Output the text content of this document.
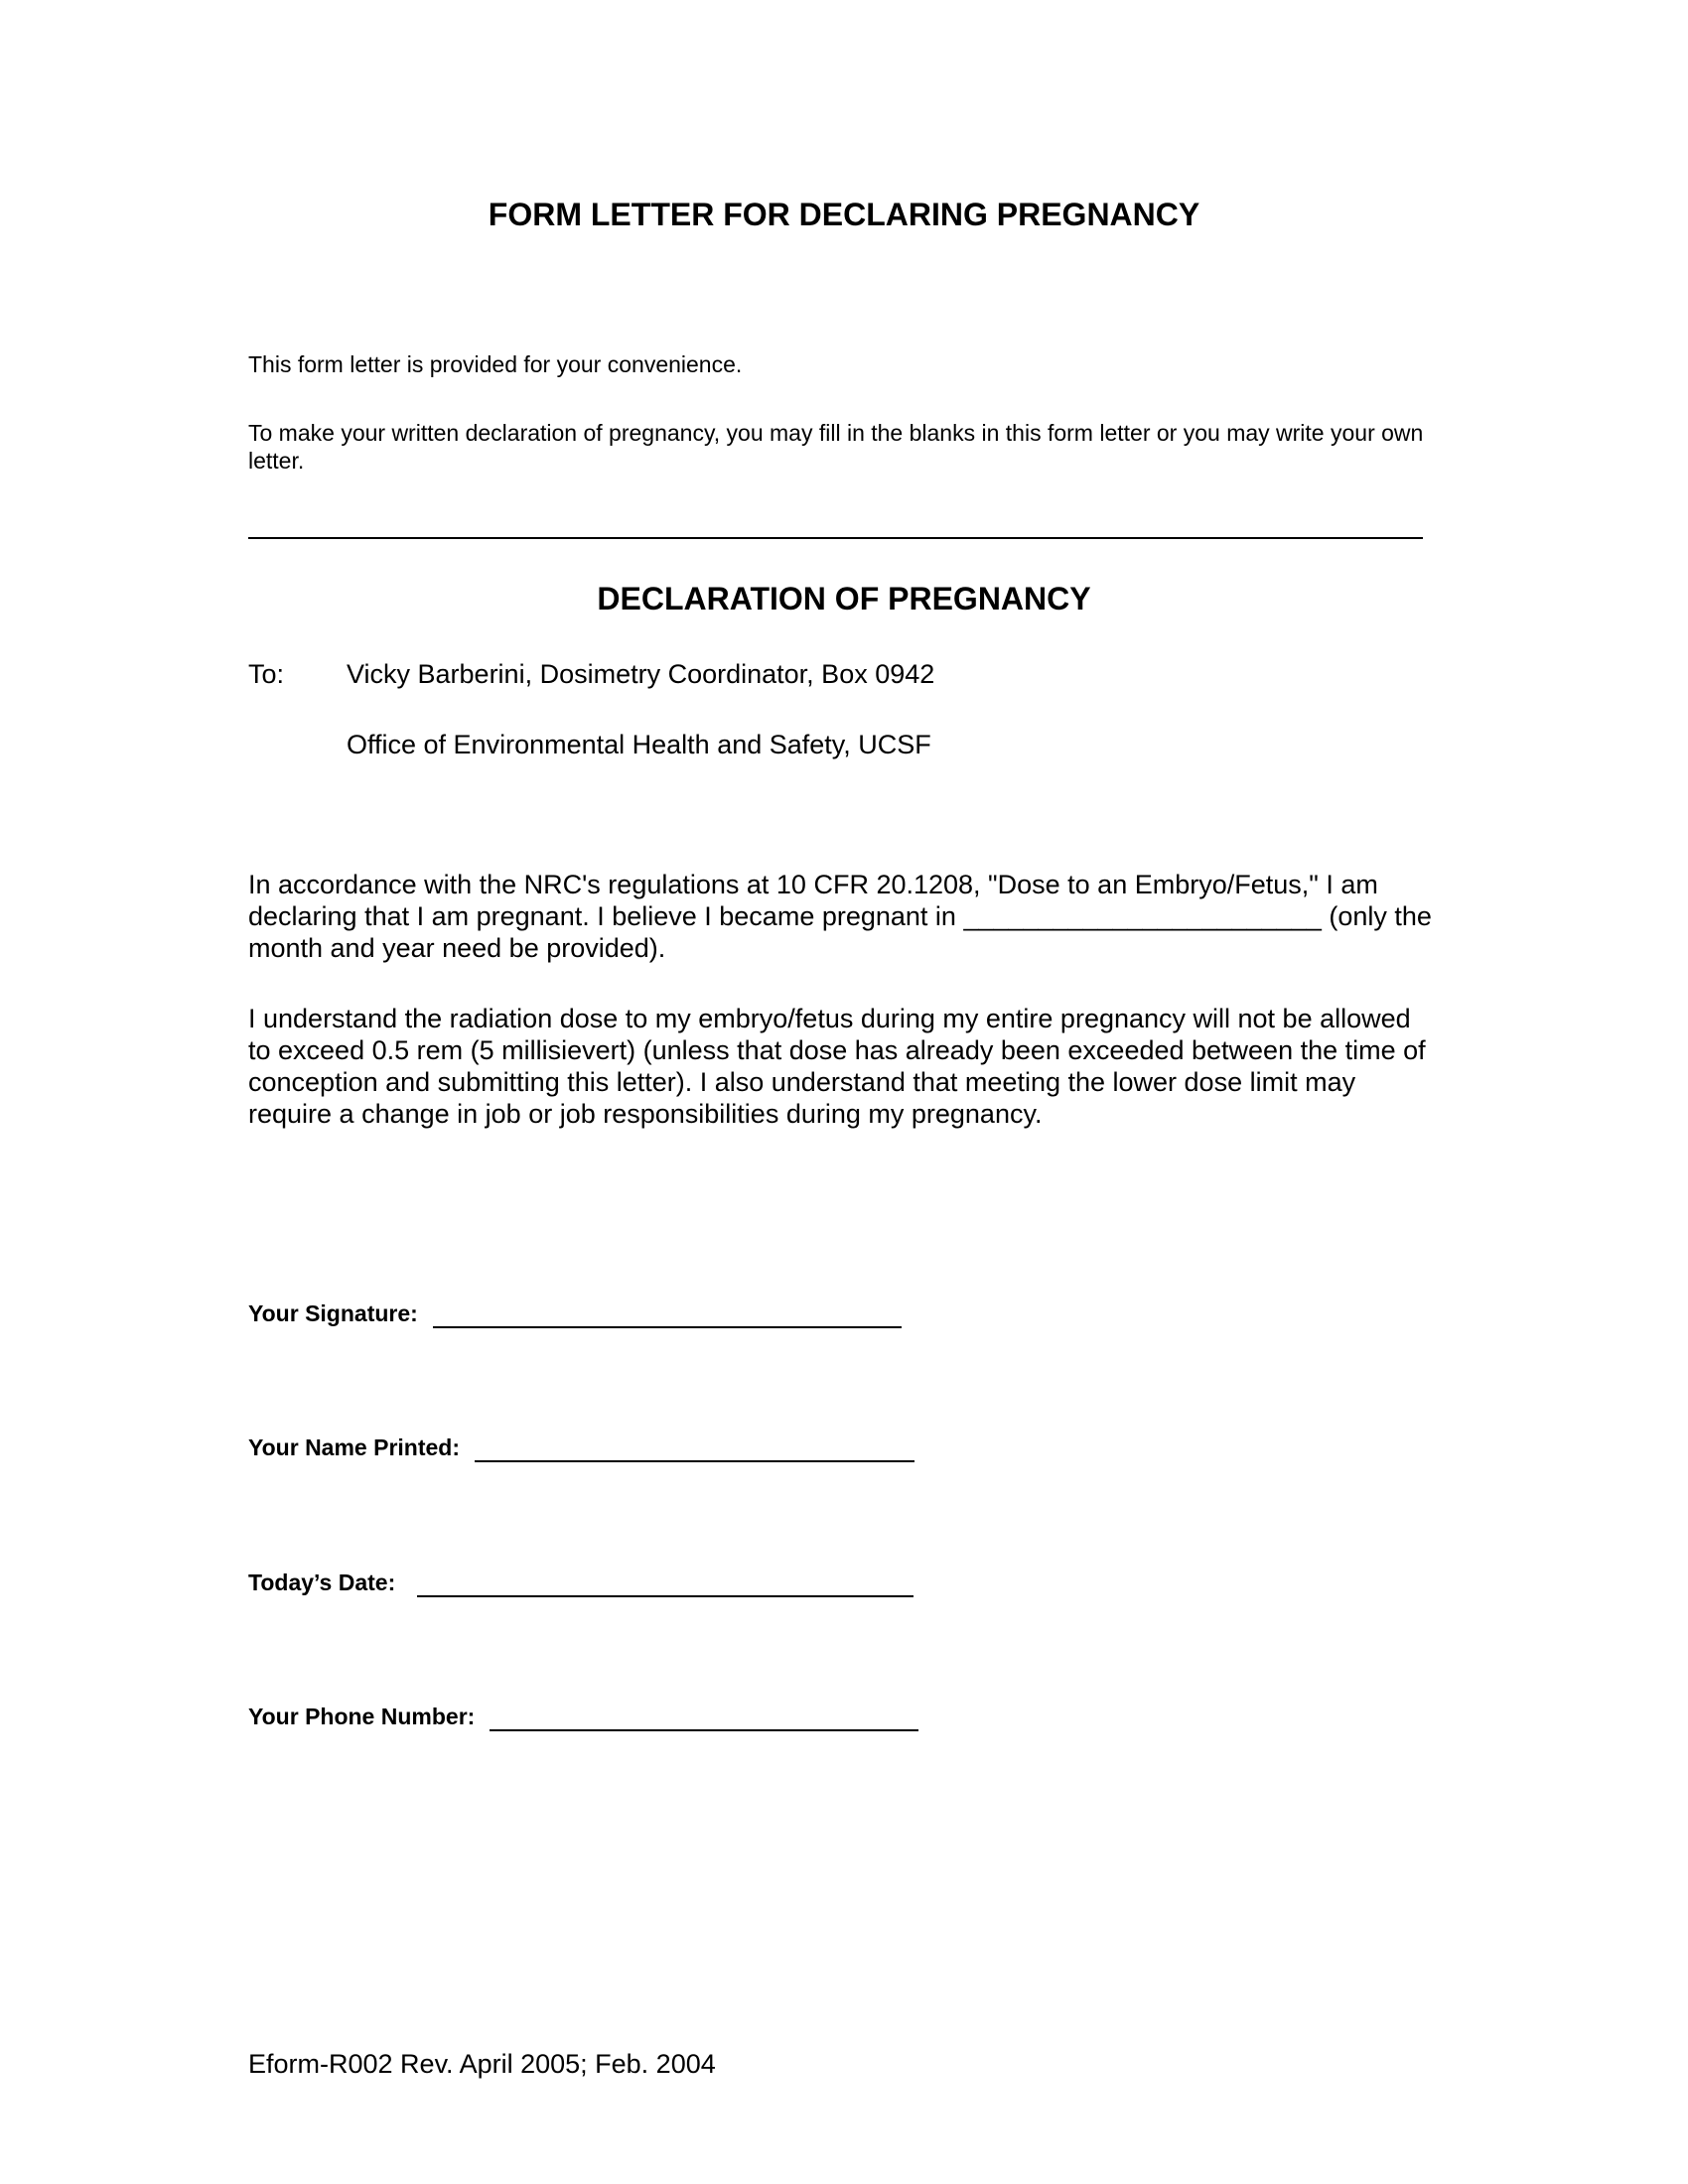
FORM LETTER FOR DECLARING PREGNANCY

This form letter is provided for your convenience.

To make your written declaration of pregnancy, you may fill in the blanks in this form letter or you may write your own letter.

DECLARATION OF PREGNANCY
To: Vicky Barberini, Dosimetry Coordinator, Box 0942
Office of Environmental Health and Safety, UCSF

In accordance with the NRC's regulations at 10 CFR 20.1208, "Dose to an Embryo/Fetus," I am declaring that I am pregnant. I believe I became pregnant in ________________________ (only the month and year need be provided).

I understand the radiation dose to my embryo/fetus during my entire pregnancy will not be allowed to exceed 0.5 rem (5 millisievert) (unless that dose has already been exceeded between the time of conception and submitting this letter). I also understand that meeting the lower dose limit may require a change in job or job responsibilities during my pregnancy.

Your Signature:
Your Name Printed:
Today’s Date:
Your Phone Number:

Eform-R002 Rev. April 2005; Feb. 2004
